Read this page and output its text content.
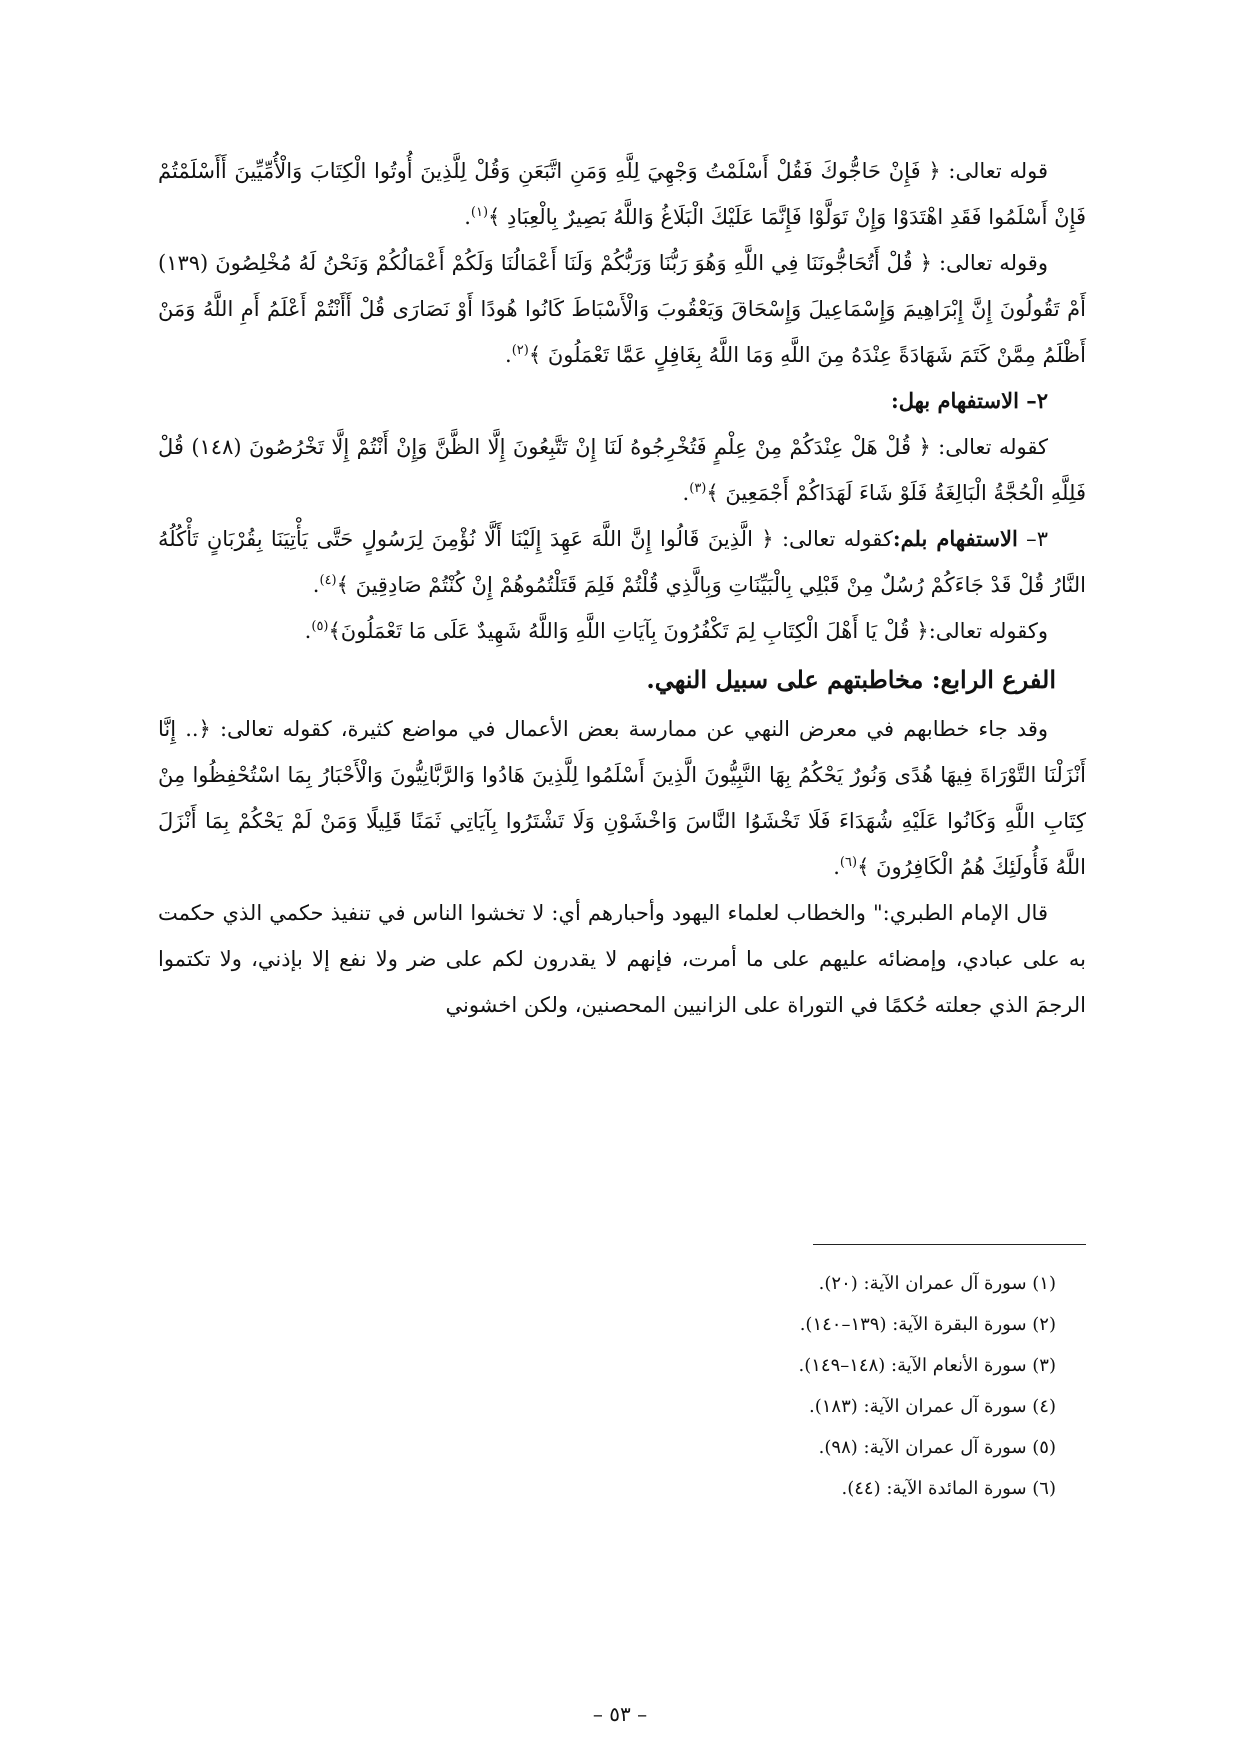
قوله تعالى: ﴿ فَإِنْ حَاجُّوكَ فَقُلْ أَسْلَمْتُ وَجْهِيَ لِلَّهِ وَمَنِ اتَّبَعَنِ وَقُلْ لِلَّذِينَ أُوتُوا الْكِتَابَ وَالْأُمِّيِّينَ أَأَسْلَمْتُمْ فَإِنْ أَسْلَمُوا فَقَدِ اهْتَدَوْا وَإِنْ تَوَلَّوْا فَإِنَّمَا عَلَيْكَ الْبَلَاغُ وَاللَّهُ بَصِيرٌ بِالْعِبَادِ ﴾$^{(١)}$.

وقوله تعالى: ﴿ قُلْ أَتُحَاجُّونَنَا فِي اللَّهِ وَهُوَ رَبُّنَا وَرَبُّكُمْ وَلَنَا أَعْمَالُنَا وَلَكُمْ أَعْمَالُكُمْ وَنَحْنُ لَهُ مُخْلِصُونَ (١٣٩) أَمْ تَقُولُونَ إِنَّ إِبْرَاهِيمَ وَإِسْمَاعِيلَ وَإِسْحَاقَ وَيَعْقُوبَ وَالْأَسْبَاطَ كَانُوا هُودًا أَوْ نَصَارَى قُلْ أَأَنْتُمْ أَعْلَمُ أَمِ اللَّهُ وَمَنْ أَظْلَمُ مِمَّنْ كَتَمَ شَهَادَةً عِنْدَهُ مِنَ اللَّهِ وَمَا اللَّهُ بِغَافِلٍ عَمَّا تَعْمَلُونَ ﴾$^{(٢)}$.

٢– الاستفهام بهل:

كقوله تعالى: ﴿ قُلْ هَلْ عِنْدَكُمْ مِنْ عِلْمٍ فَتُخْرِجُوهُ لَنَا إِنْ تَتَّبِعُونَ إِلَّا الظَّنَّ وَإِنْ أَنْتُمْ إِلَّا تَخْرُصُونَ (١٤٨) قُلْ فَلِلَّهِ الْحُجَّةُ الْبَالِغَةُ فَلَوْ شَاءَ لَهَدَاكُمْ أَجْمَعِينَ ﴾$^{(٣)}$.

٣– الاستفهام بلم:كقوله تعالى: ﴿ الَّذِينَ قَالُوا إِنَّ اللَّهَ عَهِدَ إِلَيْنَا أَلَّا نُؤْمِنَ لِرَسُولٍ حَتَّى يَأْتِيَنَا بِقُرْبَانٍ تَأْكُلُهُ النَّارُ قُلْ قَدْ جَاءَكُمْ رُسُلٌ مِنْ قَبْلِي بِالْبَيِّنَاتِ وَبِالَّذِي قُلْتُمْ فَلِمَ قَتَلْتُمُوهُمْ إِنْ كُنْتُمْ صَادِقِينَ ﴾$^{(٤)}$.

وكقوله تعالى:﴿ قُلْ يَا أَهْلَ الْكِتَابِ لِمَ تَكْفُرُونَ بِآيَاتِ اللَّهِ وَاللَّهُ شَهِيدٌ عَلَى مَا تَعْمَلُونَ﴾$^{(٥)}$.

الفرع الرابع: مخاطبتهم على سبيل النهي.

وقد جاء خطابهم في معرض النهي عن ممارسة بعض الأعمال في مواضع كثيرة، كقوله تعالى: ﴿.. إِنَّا أَنْزَلْنَا التَّوْرَاةَ فِيهَا هُدًى وَنُورٌ يَحْكُمُ بِهَا النَّبِيُّونَ الَّذِينَ أَسْلَمُوا لِلَّذِينَ هَادُوا وَالرَّبَّانِيُّونَ وَالْأَحْبَارُ بِمَا اسْتُحْفِظُوا مِنْ كِتَابِ اللَّهِ وَكَانُوا عَلَيْهِ شُهَدَاءَ فَلَا تَخْشَوُا النَّاسَ وَاخْشَوْنِ وَلَا تَشْتَرُوا بِآيَاتِي ثَمَنًا قَلِيلًا وَمَنْ لَمْ يَحْكُمْ بِمَا أَنْزَلَ اللَّهُ فَأُولَئِكَ هُمُ الْكَافِرُونَ ﴾$^{(٦)}$.

قال الإمام الطبري:" والخطاب لعلماء اليهود وأحبارهم أي: لا تخشوا الناس في تنفيذ حكمي الذي حكمت به على عبادي، وإمضائه عليهم على ما أمرت، فإنهم لا يقدرون لكم على ضر ولا نفع إلا بإذني، ولا تكتموا الرجمَ الذي جعلته حُكمًا في التوراة على الزانيين المحصنين، ولكن اخشوني

(١) سورة آل عمران الآية: (٢٠).
(٢) سورة البقرة الآية: (١٣٩–١٤٠).
(٣) سورة الأنعام الآية: (١٤٨–١٤٩).
(٤) سورة آل عمران الآية: (١٨٣).
(٥) سورة آل عمران الآية: (٩٨).
(٦) سورة المائدة الآية: (٤٤).
– ٥٣ –
